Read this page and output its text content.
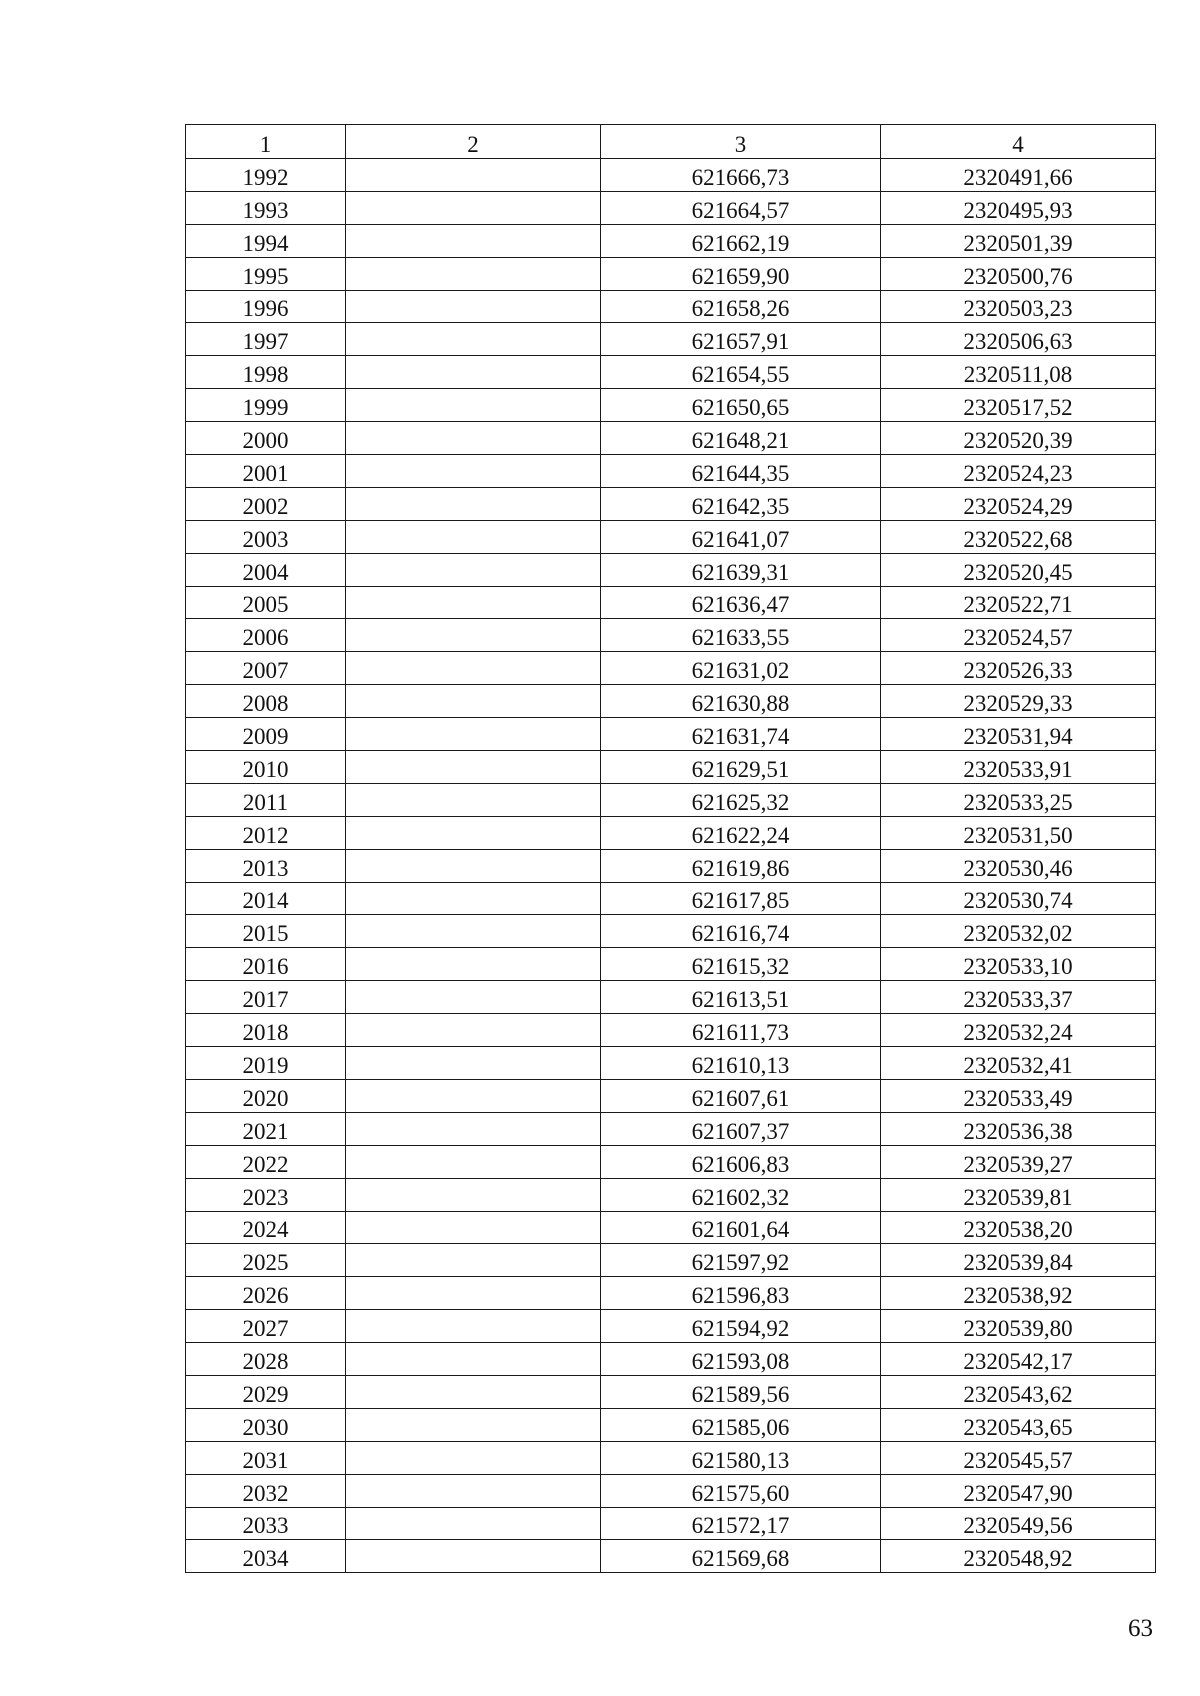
1	2	3	4
1992		621666,73	2320491,66
1993		621664,57	2320495,93
1994		621662,19	2320501,39
1995		621659,90	2320500,76
1996		621658,26	2320503,23
1997		621657,91	2320506,63
1998		621654,55	2320511,08
1999		621650,65	2320517,52
2000		621648,21	2320520,39
2001		621644,35	2320524,23
2002		621642,35	2320524,29
2003		621641,07	2320522,68
2004		621639,31	2320520,45
2005		621636,47	2320522,71
2006		621633,55	2320524,57
2007		621631,02	2320526,33
2008		621630,88	2320529,33
2009		621631,74	2320531,94
2010		621629,51	2320533,91
2011		621625,32	2320533,25
2012		621622,24	2320531,50
2013		621619,86	2320530,46
2014		621617,85	2320530,74
2015		621616,74	2320532,02
2016		621615,32	2320533,10
2017		621613,51	2320533,37
2018		621611,73	2320532,24
2019		621610,13	2320532,41
2020		621607,61	2320533,49
2021		621607,37	2320536,38
2022		621606,83	2320539,27
2023		621602,32	2320539,81
2024		621601,64	2320538,20
2025		621597,92	2320539,84
2026		621596,83	2320538,92
2027		621594,92	2320539,80
2028		621593,08	2320542,17
2029		621589,56	2320543,62
2030		621585,06	2320543,65
2031		621580,13	2320545,57
2032		621575,60	2320547,90
2033		621572,17	2320549,56
2034		621569,68	2320548,92
63
